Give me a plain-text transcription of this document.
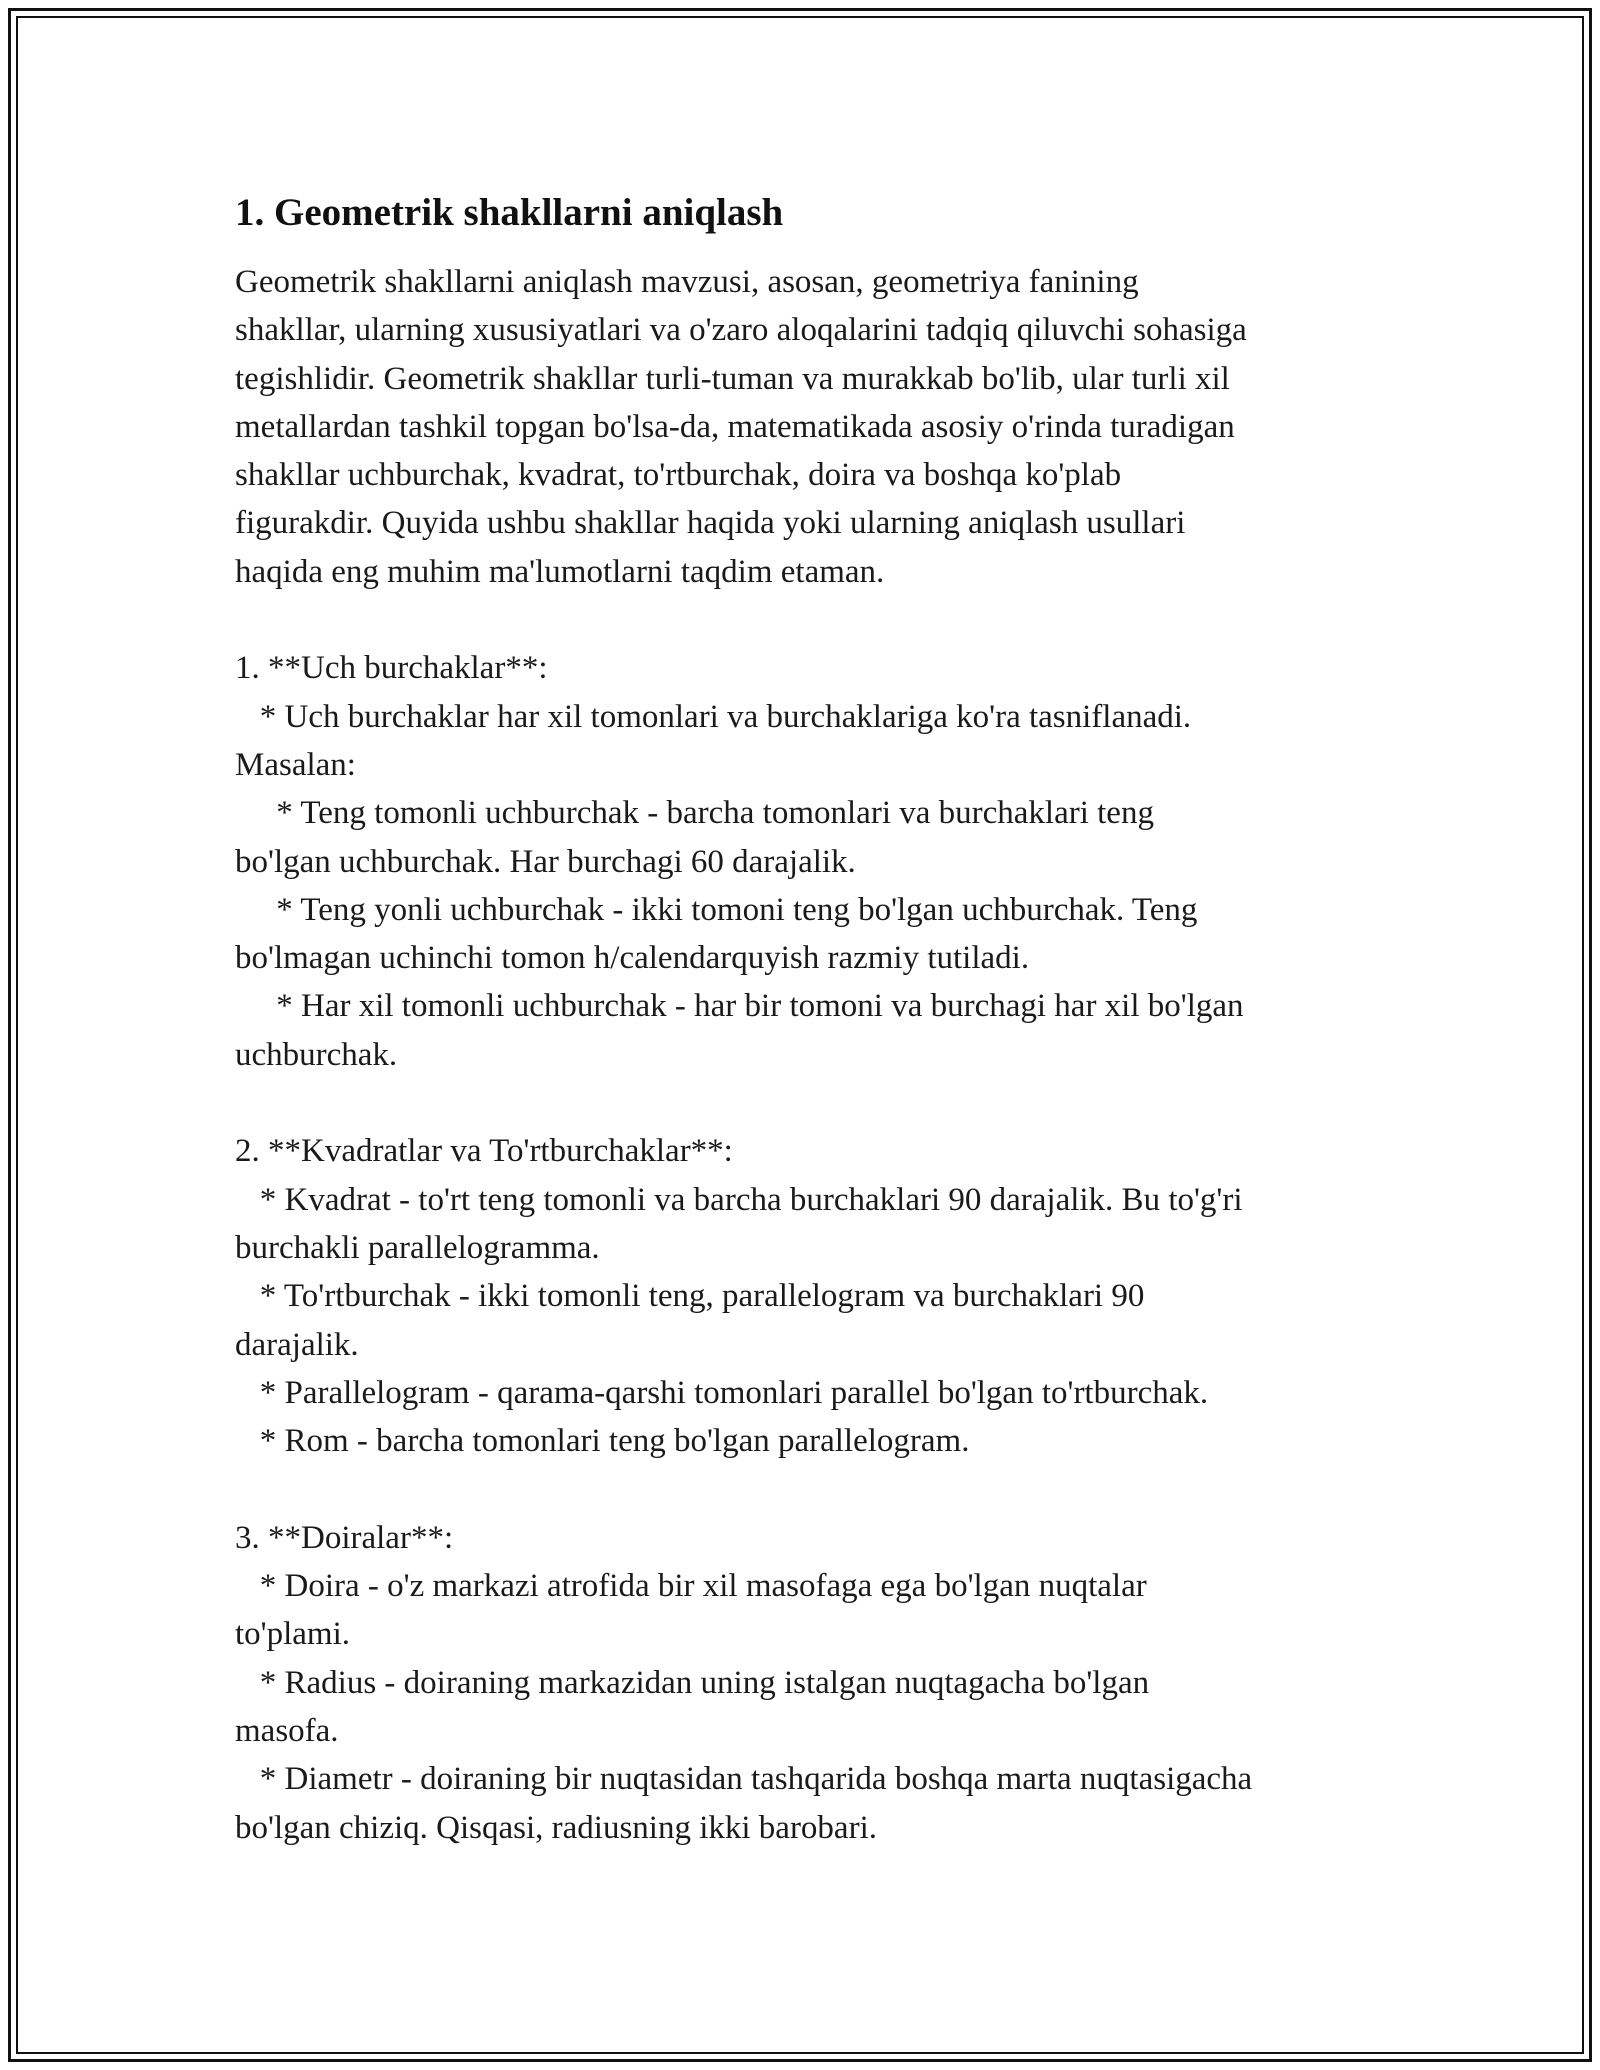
1. Geometrik shakllarni aniqlash

Geometrik shakllarni aniqlash mavzusi, asosan, geometriya fanining
shakllar, ularning xususiyatlari va o'zaro aloqalarini tadqiq qiluvchi sohasiga
tegishlidir. Geometrik shakllar turli-tuman va murakkab bo'lib, ular turli xil
metallardan tashkil topgan bo'lsa-da, matematikada asosiy o'rinda turadigan
shakllar uchburchak, kvadrat, to'rtburchak, doira va boshqa ko'plab
figurakdir. Quyida ushbu shakllar haqida yoki ularning aniqlash usullari
haqida eng muhim ma'lumotlarni taqdim etaman.

1. **Uch burchaklar**:

* Uch burchaklar har xil tomonlari va burchaklariga ko'ra tasniflanadi.
Masalan:
* Teng tomonli uchburchak - barcha tomonlari va burchaklari teng
bo'lgan uchburchak. Har burchagi 60 darajalik.
* Teng yonli uchburchak - ikki tomoni teng bo'lgan uchburchak. Teng
bo'lmagan uchinchi tomon h/calendarquyish razmiy tutiladi.
* Har xil tomonli uchburchak - har bir tomoni va burchagi har xil bo'lgan
uchburchak.

2. **Kvadratlar va To'rtburchaklar**:

* Kvadrat - to'rt teng tomonli va barcha burchaklari 90 darajalik. Bu to'g'ri
burchakli parallelogramma.
* To'rtburchak - ikki tomonli teng, parallelogram va burchaklari 90
darajalik.
* Parallelogram - qarama-qarshi tomonlari parallel bo'lgan to'rtburchak.
* Rom - barcha tomonlari teng bo'lgan parallelogram.

3. **Doiralar**:

* Doira - o'z markazi atrofida bir xil masofaga ega bo'lgan nuqtalar
to'plami.
* Radius - doiraning markazidan uning istalgan nuqtagacha bo'lgan
masofa.
* Diametr - doiraning bir nuqtasidan tashqarida boshqa marta nuqtasigacha
bo'lgan chiziq. Qisqasi, radiusning ikki barobari.
